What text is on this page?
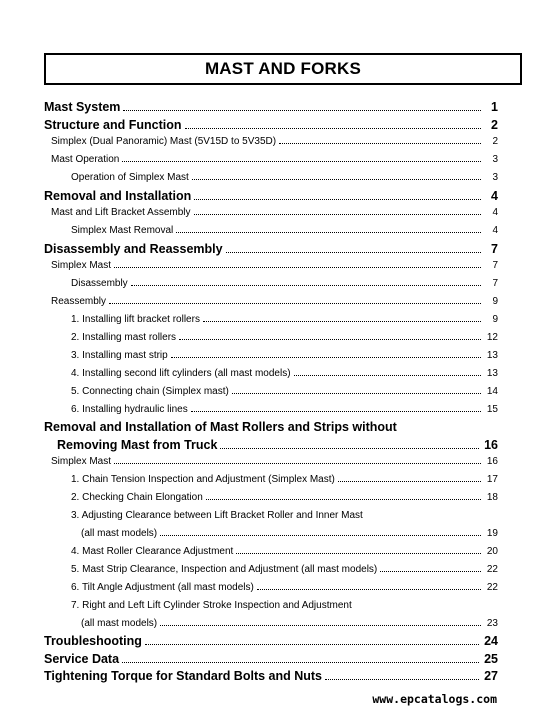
MAST AND FORKS
Mast System	1
Structure and Function	2
Simplex (Dual Panoramic) Mast (5V15D to 5V35D)	2
Mast Operation	3
Operation of Simplex Mast	3
Removal and Installation	4
Mast and Lift Bracket Assembly	4
Simplex Mast Removal	4
Disassembly and Reassembly	7
Simplex Mast	7
Disassembly	7
Reassembly	9
1. Installing lift bracket rollers	9
2. Installing mast rollers	12
3. Installing mast strip	13
4. Installing second lift cylinders (all mast models)	13
5. Connecting chain (Simplex mast)	14
6. Installing hydraulic lines	15
Removal and Installation of Mast Rollers and Strips without
Removing Mast from Truck	16
Simplex Mast	16
1. Chain Tension Inspection and Adjustment (Simplex Mast)	17
2. Checking Chain Elongation	18
3. Adjusting Clearance between Lift Bracket Roller and Inner Mast
(all mast models)	19
4. Mast Roller Clearance Adjustment	20
5. Mast Strip Clearance, Inspection and Adjustment (all mast models)	22
6. Tilt Angle Adjustment (all mast models)	22
7. Right and Left Lift Cylinder Stroke Inspection and Adjustment
(all mast models)	23
Troubleshooting	24
Service Data	25
Tightening Torque for Standard Bolts and Nuts	27
www.epcatalogs.com
